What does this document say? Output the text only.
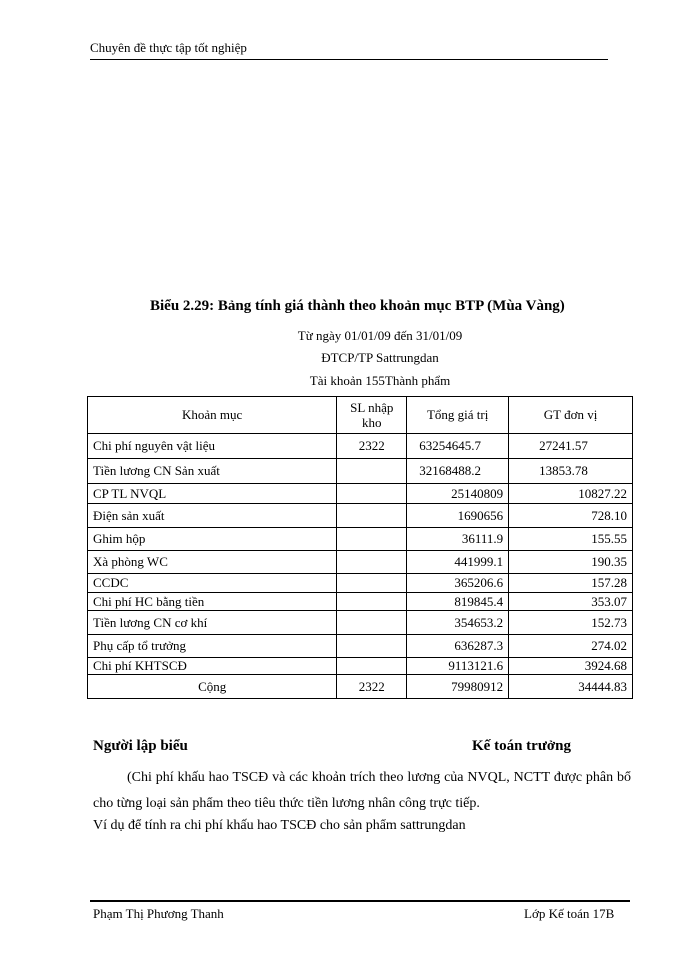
Chuyên đề thực tập tốt nghiệp
Biểu 2.29: Bảng tính giá thành theo khoản mục BTP (Mùa Vàng)
Từ ngày 01/01/09 đến 31/01/09
ĐTCP/TP Sattrungdan
Tài khoản 155Thành phẩm
Khoản mục	SL nhập kho	Tổng giá trị	GT đơn vị
Chi phí nguyên vật liệu	2322	63254645.7	27241.57
Tiền lương CN Sản xuất		32168488.2	13853.78
CP TL NVQL		25140809	10827.22
Điện sản xuất		1690656	728.10
Ghim hộp		36111.9	155.55
Xà phòng WC		441999.1	190.35
CCDC		365206.6	157.28
Chi phí HC bằng tiền		819845.4	353.07
Tiền lương CN cơ khí		354653.2	152.73
Phụ cấp tổ trưởng		636287.3	274.02
Chi phí KHTSCĐ		9113121.6	3924.68
Cộng	2322	79980912	34444.83
Người lập biểu	Kế toán trưởng
(Chi phí khấu hao TSCĐ và các khoản trích theo lương của NVQL, NCTT được phân bổ cho từng loại sản phẩm theo tiêu thức tiền lương nhân công trực tiếp.
Ví dụ để tính ra chi phí khấu hao TSCĐ cho sản phẩm sattrungdan
Phạm Thị Phương Thanh	Lớp Kế toán 17B
